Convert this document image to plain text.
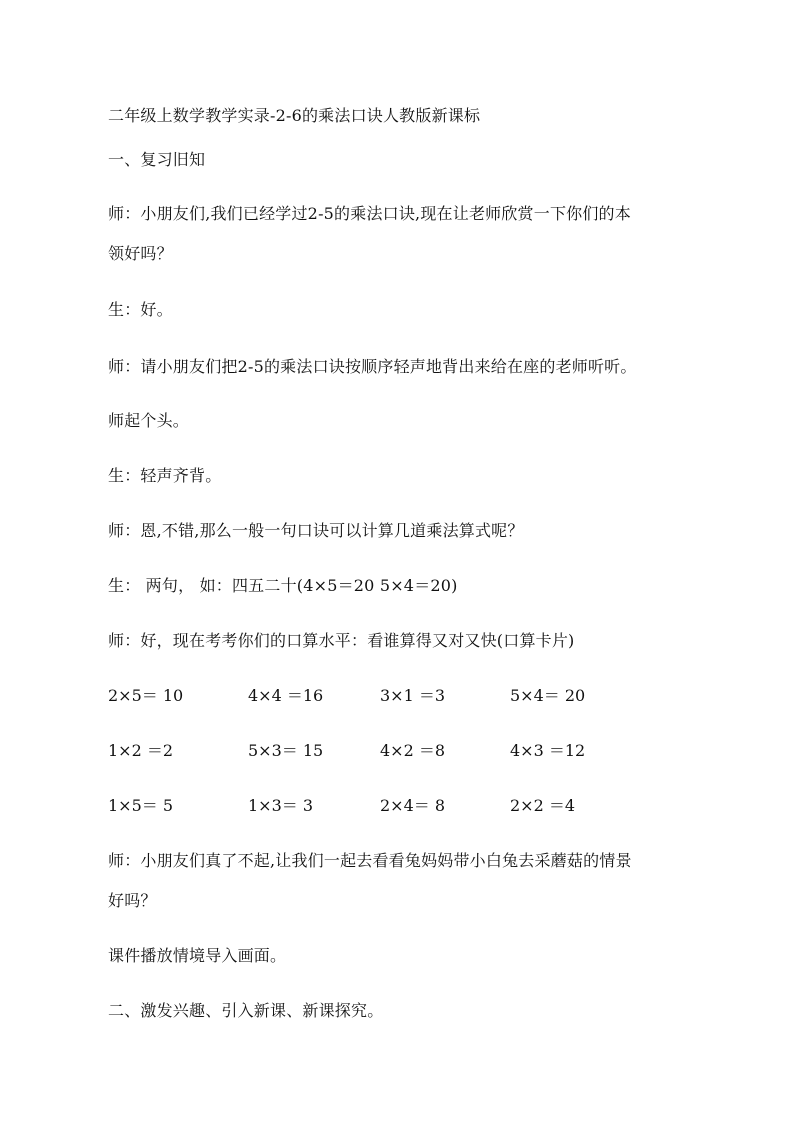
二年级上数学教学实录-2-6的乘法口诀人教版新课标
一、复习旧知
师：小朋友们,我们已经学过2-5的乘法口诀,现在让老师欣赏一下你们的本
领好吗？
生：好。
师：请小朋友们把2-5的乘法口诀按顺序轻声地背出来给在座的老师听听。
师起个头。
生：轻声齐背。
师：恩,不错,那么一般一句口诀可以计算几道乘法算式呢？
生： 两句， 如：四五二十(4×5＝20 5×4＝20)
师：好，现在考考你们的口算水平：看谁算得又对又快(口算卡片)
2×5＝ 10	4×4 ＝16	3×1 ＝3	5×4＝ 20
1×2 ＝2	5×3＝ 15	4×2 ＝8	4×3 ＝12
1×5＝ 5	1×3＝ 3	2×4＝ 8	2×2 ＝4
师：小朋友们真了不起,让我们一起去看看兔妈妈带小白兔去采蘑菇的情景
好吗？
课件播放情境导入画面。
二、激发兴趣、引入新课、新课探究。
